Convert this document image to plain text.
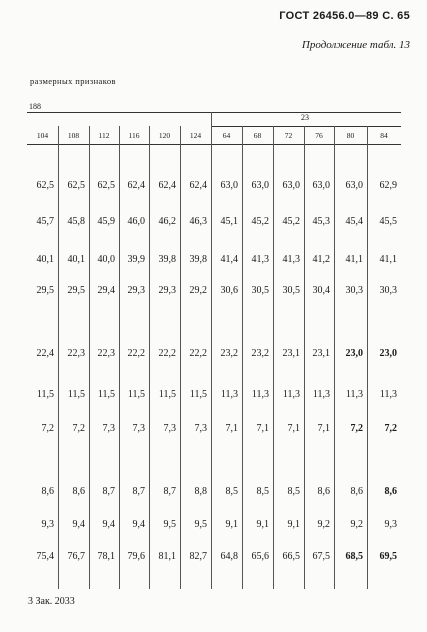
ГОСТ 26456.0—89 С. 65
Продолжение табл. 13
размерных признаков
188
23
104	108	112	116	120	124	64	68	72	76	80	84
62,5	62,5	62,5	62,4	62,4	62,4	63,0	63,0	63,0	63,0	63,0	62,9
45,7	45,8	45,9	46,0	46,2	46,3	45,1	45,2	45,2	45,3	45,4	45,5
40,1	40,1	40,0	39,9	39,8	39,8	41,4	41,3	41,3	41,2	41,1	41,1
29,5	29,5	29,4	29,3	29,3	29,2	30,6	30,5	30,5	30,4	30,3	30,3
22,4	22,3	22,3	22,2	22,2	22,2	23,2	23,2	23,1	23,1	23,0	23,0
11,5	11,5	11,5	11,5	11,5	11,5	11,3	11,3	11,3	11,3	11,3	11,3
7,2	7,2	7,3	7,3	7,3	7,3	7,1	7,1	7,1	7,1	7,2	7,2
8,6	8,6	8,7	8,7	8,7	8,8	8,5	8,5	8,5	8,6	8,6	8,6
9,3	9,4	9,4	9,4	9,5	9,5	9,1	9,1	9,1	9,2	9,2	9,3
75,4	76,7	78,1	79,6	81,1	82,7	64,8	65,6	66,5	67,5	68,5	69,5
3 Зак. 2033
